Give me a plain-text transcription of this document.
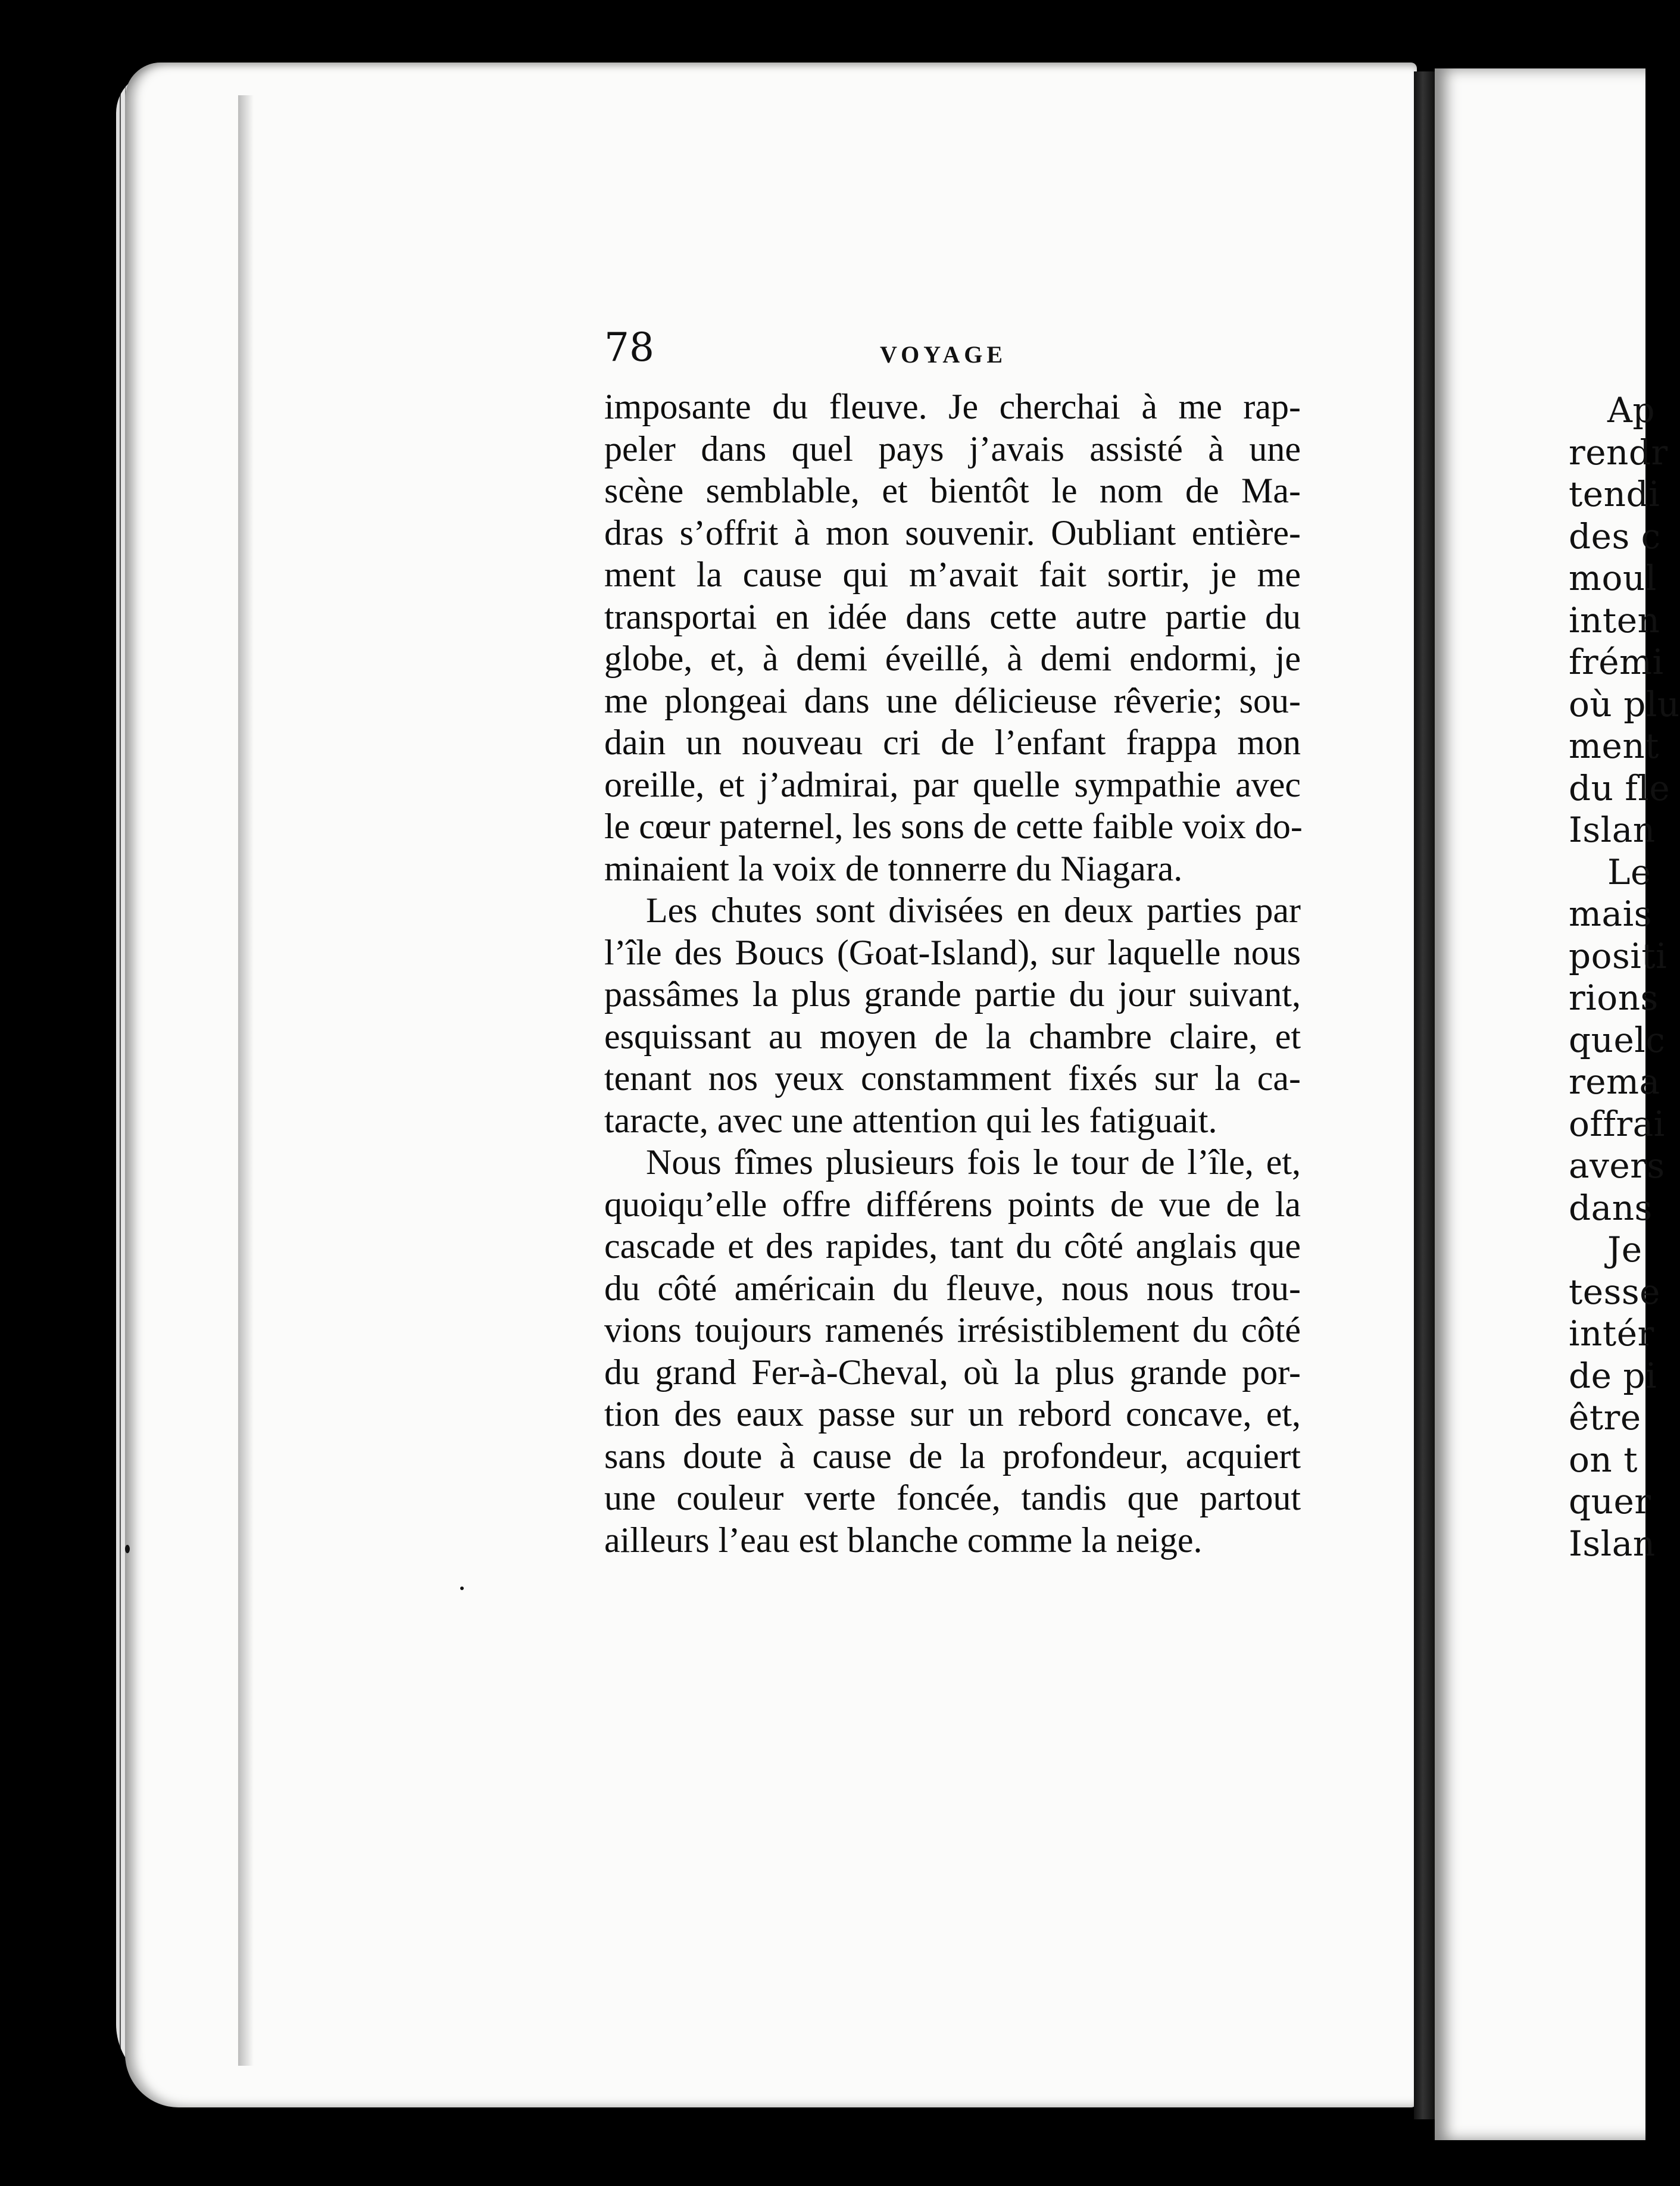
Ap
rendr
tendi
des c
moul
inten
frémi
où plu
ment
du fle
Islan
Le
mais
positi
rions
quelc
rema
offrai
avers
dans
Je
tesse
intér
de pi
être
on t
quer
Islan
78	VOYAGE
imposante du fleuve. Je cherchai à me rap-
peler dans quel pays j’avais assisté à une
scène semblable, et bientôt le nom de Ma-
dras s’offrit à mon souvenir. Oubliant entière-
ment la cause qui m’avait fait sortir, je me
transportai en idée dans cette autre partie du
globe, et, à demi éveillé, à demi endormi, je
me plongeai dans une délicieuse rêverie; sou-
dain un nouveau cri de l’enfant frappa mon
oreille, et j’admirai, par quelle sympathie avec
le cœur paternel, les sons de cette faible voix do-
minaient la voix de tonnerre du Niagara.
Les chutes sont divisées en deux parties par
l’île des Boucs (Goat-Island), sur laquelle nous
passâmes la plus grande partie du jour suivant,
esquissant au moyen de la chambre claire, et
tenant nos yeux constamment fixés sur la ca-
taracte, avec une attention qui les fatiguait.
Nous fîmes plusieurs fois le tour de l’île, et,
quoiqu’elle offre différens points de vue de la
cascade et des rapides, tant du côté anglais que
du côté américain du fleuve, nous nous trou-
vions toujours ramenés irrésistiblement du côté
du grand Fer-à-Cheval, où la plus grande por-
tion des eaux passe sur un rebord concave, et,
sans doute à cause de la profondeur, acquiert
une couleur verte foncée, tandis que partout
ailleurs l’eau est blanche comme la neige.
